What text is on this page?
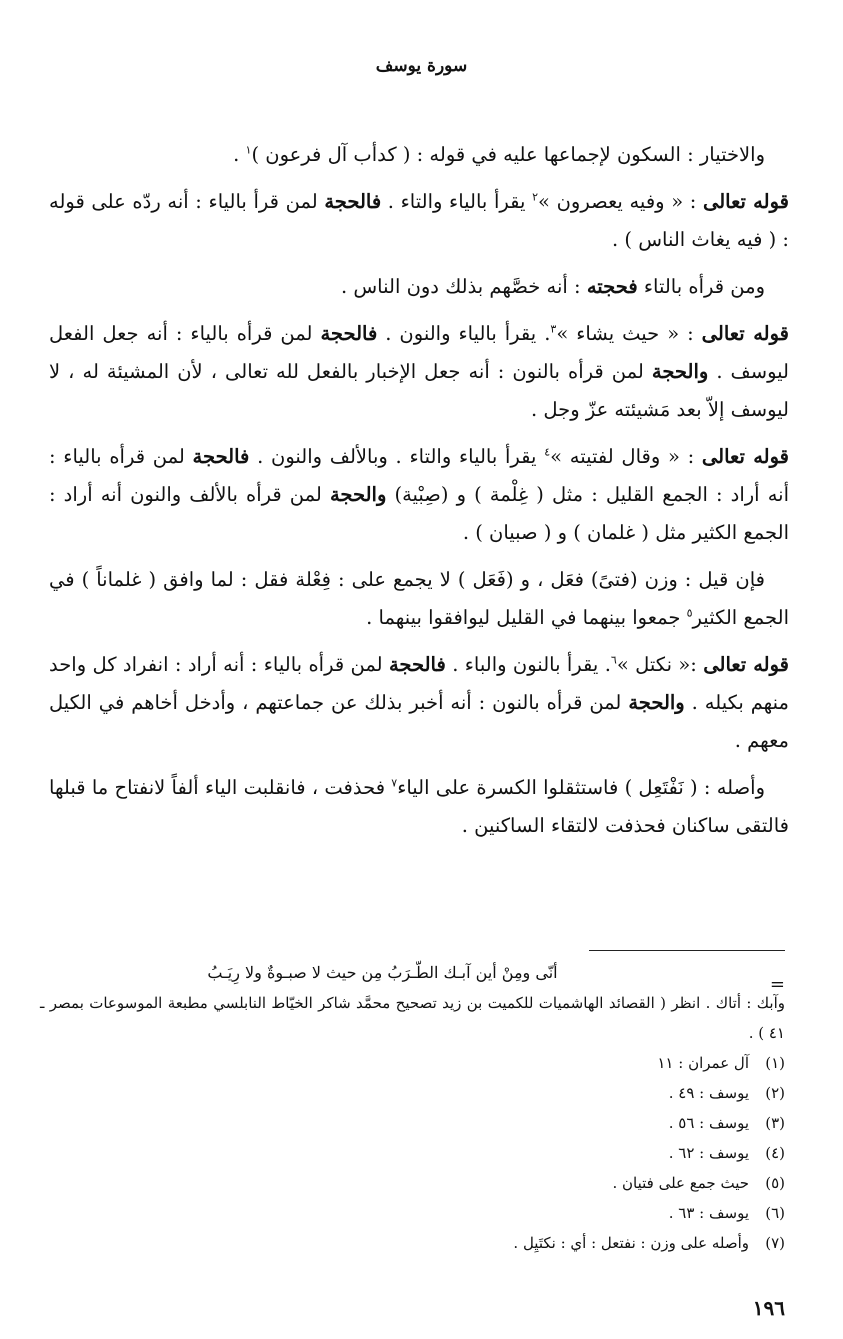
سورة يوسف

والاختيار : السكون لإجماعها عليه في قوله : ( كدأب آل فرعون )$^١$ .

قوله تعالى : « وفيه يعصرون »$^٢$ يقرأ بالياء والتاء . فالحجة لمن قرأ بالياء : أنه ردّه على قوله : ( فيه يغاث الناس ) .

ومن قرأه بالتاء فحجته : أنه خصَّهم بذلك دون الناس .

قوله تعالى : « حيث يشاء »$^٣$. يقرأ بالياء والنون . فالحجة لمن قرأه بالياء : أنه جعل الفعل ليوسف . والحجة لمن قرأه بالنون : أنه جعل الإخبار بالفعل لله تعالى ، لأن المشيئة له ، لا ليوسف إلاّ بعد مَشيئته عزّ وجل .

قوله تعالى : « وقال لفتيته »$^٤$ يقرأ بالياء والتاء . وبالألف والنون . فالحجة لمن قرأه بالياء : أنه أراد : الجمع القليل : مثل ( غِلْمة ) و (صِبْية) والحجة لمن قرأه بالألف والنون أنه أراد : الجمع الكثير مثل ( غلمان ) و ( صبيان ) .

فإن قيل : وزن (فتىً) فعَل ، و (فَعَل ) لا يجمع على : فِعْلة فقل : لما وافق ( غلماناً ) في الجمع الكثير$^٥$ جمعوا بينهما في القليل ليوافقوا بينهما .

قوله تعالى :« نكتل »$^٦$. يقرأ بالنون والباء . فالحجة لمن قرأه بالياء : أنه أراد : انفراد كل واحد منهم بكيله . والحجة لمن قرأه بالنون : أنه أخبر بذلك عن جماعتهم ، وأدخل أخاهم في الكيل معهم .

وأصله : ( نَفْتَعِل ) فاستثقلوا الكسرة على الياء$^٧$ فحذفت ، فانقلبت الياء ألفاً لانفتاح ما قبلها فالتقى ساكنان فحذفت لالتقاء الساكنين .

=
أنّى ومِنْ أين آبـك الطّـرَبُ مِن حيث لا صبـوةٌ ولا رِيَـبُ

وآبك : أتاك . انظر ( القصائد الهاشميات للكميت بن زيد تصحيح محمَّد شاكر الخيّاط النابلسي مطبعة الموسوعات بمصر ـ ٤١ ) .

(١)
آل عمران : ١١
(٢)
يوسف : ٤٩ .
(٣)
يوسف : ٥٦ .
(٤)
يوسف : ٦٢ .
(٥)
حيث جمع على فتيان .
(٦)
يوسف : ٦٣ .
(٧)
وأصله على وزن : نفتعل : أي : نكتَيِل .
١٩٦
